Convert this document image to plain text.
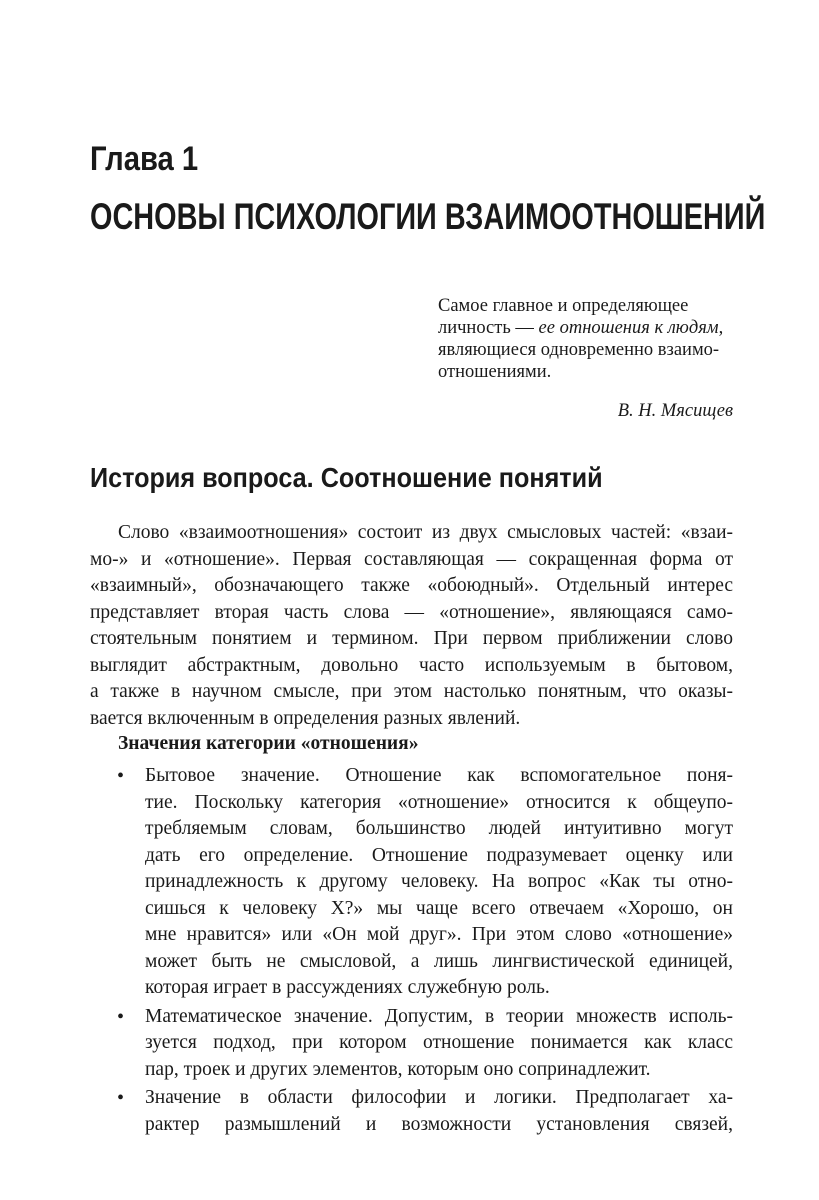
Глава 1
ОСНОВЫ ПСИХОЛОГИИ ВЗАИМООТНОШЕНИЙ

Самое главное и определяющее

личность — ее отношения к людям,

являющиеся одновременно взаимо-

отношениями.

В. Н. Мясищев

История вопроса. Соотношение понятий
Слово «взаимоотношения» состоит из двух смысловых частей: «взаи-
мо-» и «отношение». Первая составляющая — сокращенная форма от
«взаимный», обозначающего также «обоюдный». Отдельный интерес
представляет вторая часть слова — «отношение», являющаяся само-
стоятельным понятием и термином. При первом приближении слово
выглядит абстрактным, довольно часто используемым в бытовом,
а также в научном смысле, при этом настолько понятным, что оказы-
вается включенным в определения разных явлений.
Значения категории «отношения»
• Бытовое значение. Отношение как вспомогательное поня-
тие. Поскольку категория «отношение» относится к общеупо-
требляемым словам, большинство людей интуитивно могут
дать его определение. Отношение подразумевает оценку или
принадлежность к другому человеку. На вопрос «Как ты отно-
сишься к человеку Х?» мы чаще всего отвечаем «Хорошо, он
мне нравится» или «Он мой друг». При этом слово «отношение»
может быть не смысловой, а лишь лингвистической единицей,
которая играет в рассуждениях служебную роль.
• Математическое значение. Допустим, в теории множеств исполь-
зуется подход, при котором отношение понимается как класс
пар, троек и других элементов, которым оно сопринадлежит.
• Значение в области философии и логики. Предполагает ха-
рактер размышлений и возможности установления связей,
